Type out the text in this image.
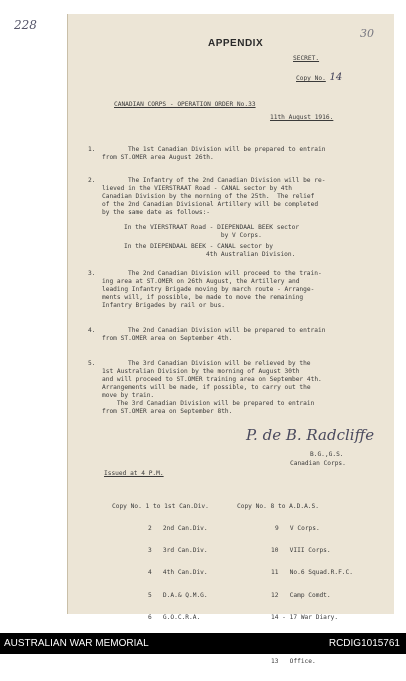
228
30
APPENDIX
SECRET.
Copy No. 14
CANADIAN CORPS - OPERATION ORDER No.33
11th August 1916.
1.	The 1st Canadian Division will be prepared to entrain
from ST.OMER area August 26th.
2.	The Infantry of the 2nd Canadian Division will be re-
lieved in the VIERSTRAAT Road - CANAL sector by 4th
Canadian Division by the morning of the 25th.  The relief
of the 2nd Canadian Divisional Artillery will be completed
by the same date as follows:-
In the VIERSTRAAT Road - DIEPENDAAL BEEK sector
by V Corps.
In the DIEPENDAAL BEEK - CANAL sector by
4th Australian Division.
3.	The 2nd Canadian Division will proceed to the train-
ing area at ST.OMER on 26th August, the Artillery and
leading Infantry Brigade moving by march route - Arrange-
ments will, if possible, be made to move the remaining
Infantry Brigades by rail or bus.
4.	The 2nd Canadian Division will be prepared to entrain
from ST.OMER area on September 4th.
5.	The 3rd Canadian Division will be relieved by the
1st Australian Division by the morning of August 30th
and will proceed to ST.OMER training area on September 4th.
Arrangements will be made, if possible, to carry out the
move by train.
The 3rd Canadian Division will be prepared to entrain
from ST.OMER area on September 8th.
P. de B. Radcliffe
B.G.,G.S.
Canadian Corps.
Issued at 4 P.M.

Copy No. 1 to 1st Can.Div.

2 2nd Can.Div.

3 3rd Can.Div.

4 4th Can.Div.

5 D.A.& Q.M.G.

6 G.O.C.R.A.

Copy No. 8 to A.D.A.S.

9 V Corps.

10 VIII Corps.

11 No.6 Squad.R.F.C.

12 Camp Comdt.

14 - 17 War Diary.

13 Office.

AUSTRALIAN WAR MEMORIAL	RCDIG1015761
